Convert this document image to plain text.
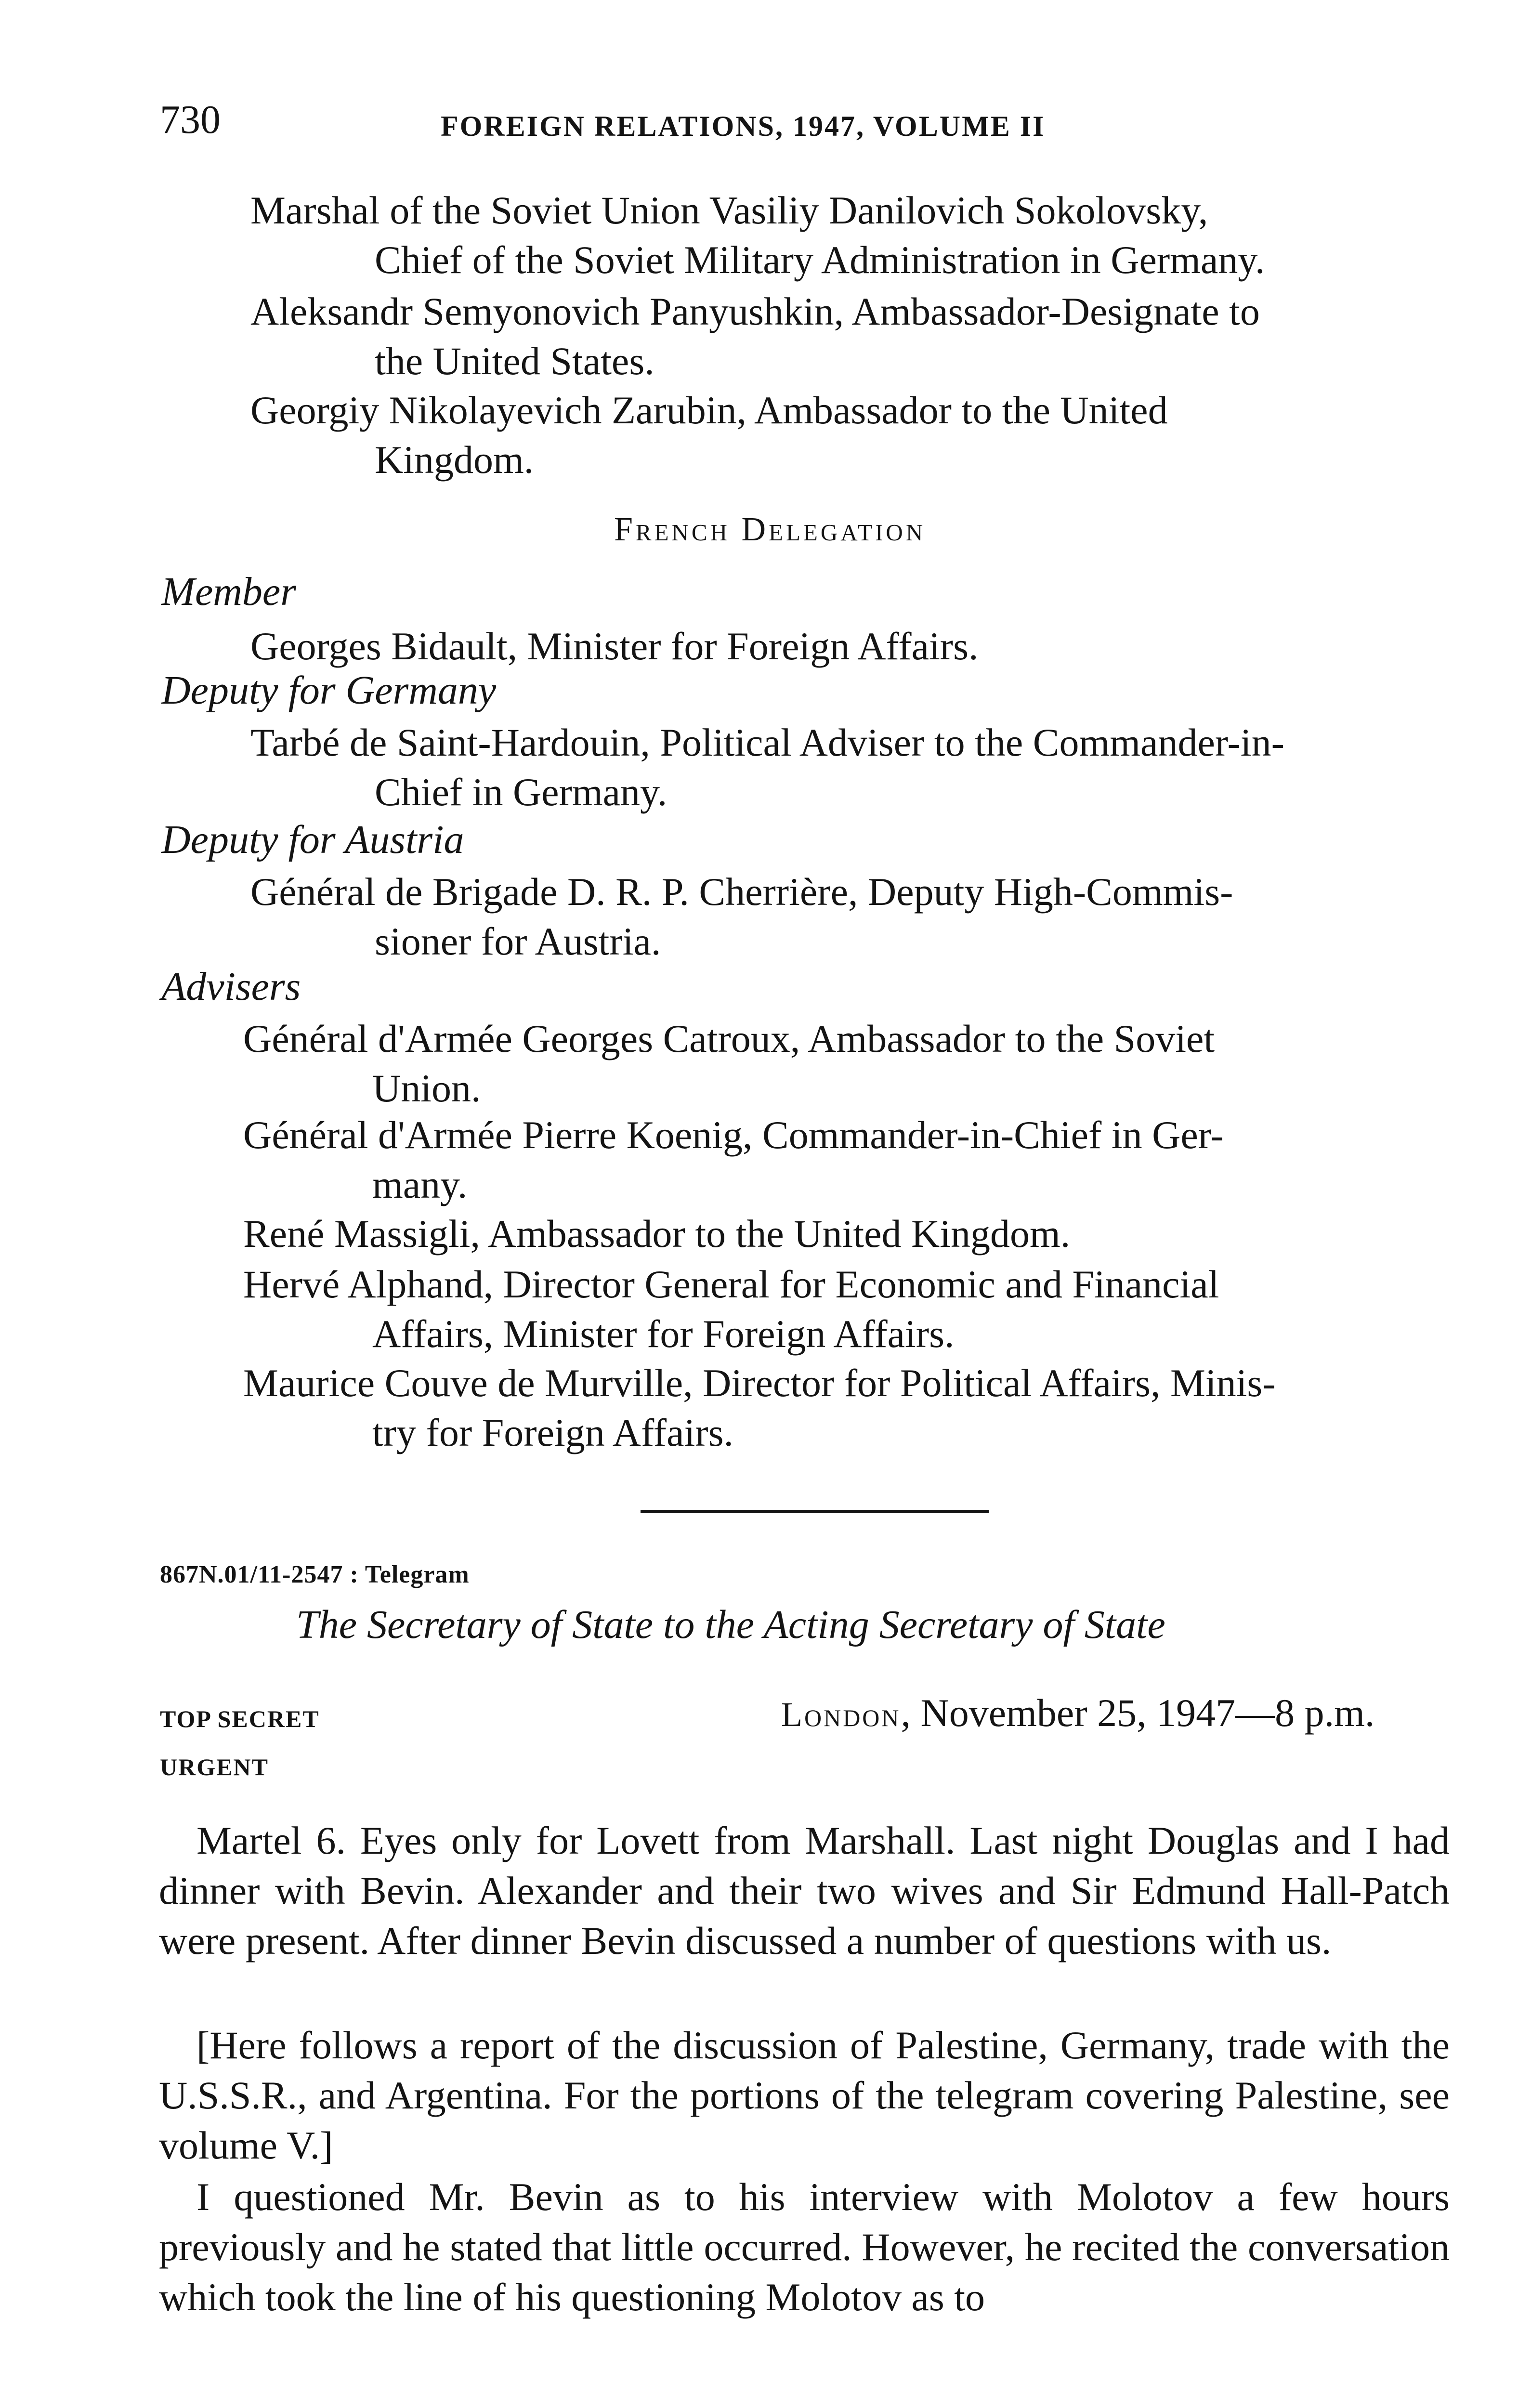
730	FOREIGN RELATIONS, 1947, VOLUME II

Marshal of the Soviet Union Vasiliy Danilovich Sokolovsky,
Chief of the Soviet Military Administration in Germany.

Aleksandr Semyonovich Panyushkin, Ambassador-Designate to
the United States.

Georgiy Nikolayevich Zarubin, Ambassador to the United
Kingdom.

French Delegation
Member

Georges Bidault, Minister for Foreign Affairs.

Deputy for Germany

Tarbé de Saint-Hardouin, Political Adviser to the Commander-in-
Chief in Germany.

Deputy for Austria

Général de Brigade D. R. P. Cherrière, Deputy High-Commis-
sioner for Austria.

Advisers

Général d'Armée Georges Catroux, Ambassador to the Soviet
Union.

Général d'Armée Pierre Koenig, Commander-in-Chief in Ger-
many.

René Massigli, Ambassador to the United Kingdom.

Hervé Alphand, Director General for Economic and Financial
Affairs, Minister for Foreign Affairs.

Maurice Couve de Murville, Director for Political Affairs, Minis-
try for Foreign Affairs.

867N.01/11-2547 : Telegram
The Secretary of State to the Acting Secretary of State
TOP SECRET
URGENT
London, November 25, 1947—8 p.m.

Martel 6. Eyes only for Lovett from Marshall. Last night Douglas and I had dinner with Bevin. Alexander and their two wives and Sir Edmund Hall-Patch were present. After dinner Bevin discussed a number of questions with us.

[Here follows a report of the discussion of Palestine, Germany, trade with the U.S.S.R., and Argentina. For the portions of the telegram covering Palestine, see volume V.]

I questioned Mr. Bevin as to his interview with Molotov a few hours previously and he stated that little occurred. However, he recited the conversation which took the line of his questioning Molotov as to
